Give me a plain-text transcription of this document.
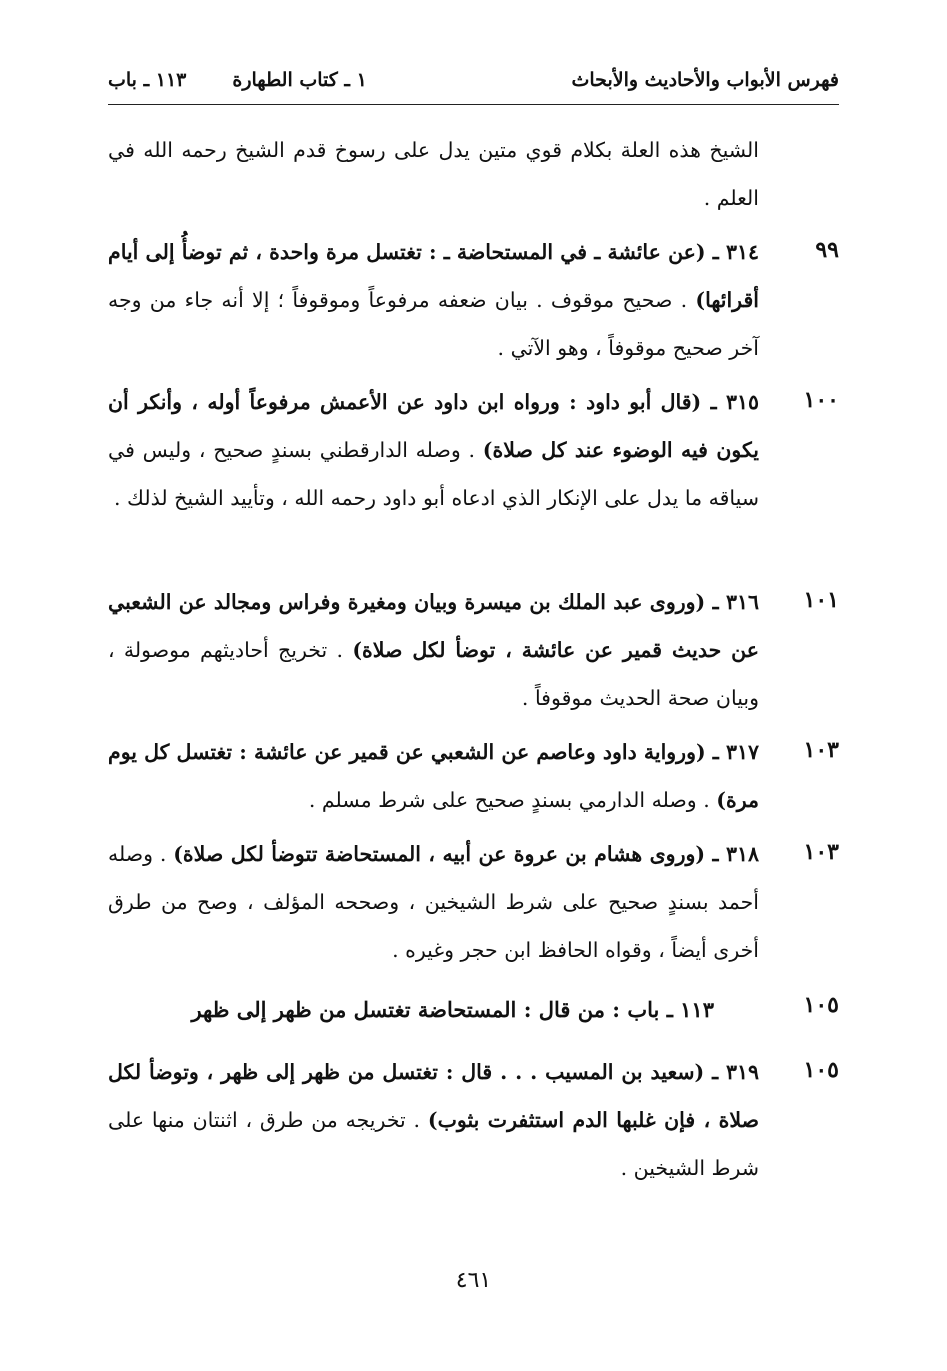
فهرس الأبواب والأحاديث والأبحاث
١ ـ كتاب الطهارة
١١٣ ـ باب
الشيخ هذه العلة بكلام قوي متين يدل على رسوخ قدم الشيخ رحمه الله في العلم .
٩٩
٣١٤ ـ (عن عائشة ـ في المستحاضة ـ : تغتسل مرة واحدة ، ثم توضأُ إلى أيام أقرائها) . صحيح موقوف . بيان ضعفه مرفوعاً وموقوفاً ؛ إلا أنه جاء من وجه آخر صحيح موقوفاً ، وهو الآتي .
١٠٠
٣١٥ ـ (قال أبو داود : ورواه ابن داود عن الأعمش مرفوعاً أوله ، وأنكر أن يكون فيه الوضوء عند كل صلاة) . وصله الدارقطني بسندٍ صحيح ، وليس في سياقه ما يدل على الإنكار الذي ادعاه أبو داود رحمه الله ، وتأييد الشيخ لذلك .
١٠١
٣١٦ ـ (وروى عبد الملك بن ميسرة وبيان ومغيرة وفراس ومجالد عن الشعبي عن حديث قمير عن عائشة ، توضأ لكل صلاة) . تخريج أحاديثهم موصولة ، وبيان صحة الحديث موقوفاً .
١٠٣
٣١٧ ـ (ورواية داود وعاصم عن الشعبي عن قمير عن عائشة : تغتسل كل يوم مرة) . وصله الدارمي بسندٍ صحيح على شرط مسلم .
١٠٣
٣١٨ ـ (وروى هشام بن عروة عن أبيه ، المستحاضة تتوضأ لكل صلاة) . وصله أحمد بسندٍ صحيح على شرط الشيخين ، وصححه المؤلف ، وصح من طرق أخرى أيضاً ، وقواه الحافظ ابن حجر وغيره .
١٠٥
١١٣ ـ باب : من قال : المستحاضة تغتسل من ظهر إلى ظهر
١٠٥
٣١٩ ـ (سعيد بن المسيب . . . قال : تغتسل من ظهر إلى ظهر ، وتوضأ لكل صلاة ، فإن غلبها الدم استثفرت بثوب) . تخريجه من طرق ، اثنتان منها على شرط الشيخين .
٤٦١
